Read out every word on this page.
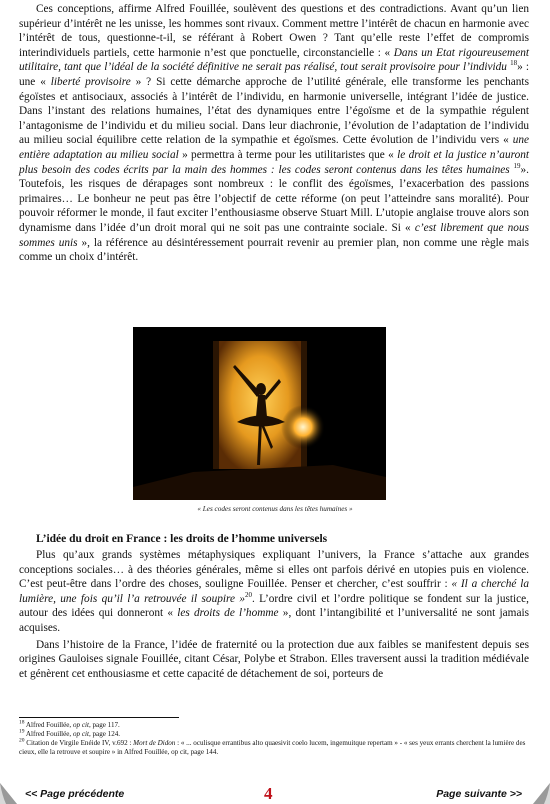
Ces conceptions, affirme Alfred Fouillée, soulèvent des questions et des contradictions. Avant qu’un lien supérieur d’intérêt ne les unisse, les hommes sont rivaux. Comment mettre l’intérêt de chacun en harmonie avec l’intérêt de tous, questionne-t-il, se référant à Robert Owen ? Tant qu’elle reste l’effet de compromis interindividuels partiels, cette harmonie n’est que ponctuelle, circonstancielle : « Dans un Etat rigoureusement utilitaire, tant que l’idéal de la société définitive ne serait pas réalisé, tout serait provisoire pour l’individu $^{18}$» : une « liberté provisoire » ? Si cette démarche approche de l’utilité générale, elle transforme les penchants égoïstes et antisociaux, associés à l’intérêt de l’individu, en harmonie universelle, intégrant l’idée de justice. Dans l’instant des relations humaines, l’état des dynamiques entre l’égoïsme et de la sympathie régulent l’antagonisme de l’individu et du milieu social. Dans leur diachronie, l’évolution de l’adaptation de l’individu au milieu social équilibre cette relation de la sympathie et égoïsmes. Cette évolution de l’individu vers « une entière adaptation au milieu social » permettra à terme pour les utilitaristes que « le droit et la justice n’auront plus besoin des codes écrits par la main des hommes : les codes seront contenus dans les têtes humaines $^{19}$». Toutefois, les risques de dérapages sont nombreux : le conflit des égoïsmes, l’exacerbation des passions primaires… Le bonheur ne peut pas être l’objectif de cette réforme (on peut l’atteindre sans moralité). Pour pouvoir réformer le monde, il faut exciter l’enthousiasme observe Stuart Mill. L’utopie anglaise trouve alors son dynamisme dans l’idée d’un droit moral qui ne soit pas une contrainte sociale. Si « c’est librement que nous sommes unis », la référence au désintéressement pourrait revenir au premier plan, non comme une règle mais comme un choix d’intérêt.
« Les codes seront contenus dans les têtes humaines »
L’idée du droit en France : les droits de l’homme universels

Plus qu’aux grands systèmes métaphysiques expliquant l’univers, la France s’attache aux grandes conceptions sociales… à des théories générales, même si elles ont parfois dérivé en utopies puis en violence. C’est peut-être dans l’ordre des choses, souligne Fouillée. Penser et chercher, c’est souffrir : « Il a cherché la lumière, une fois qu’il l’a retrouvée il soupire »$^{20}$. L’ordre civil et l’ordre politique se fondent sur la justice, autour des idées qui donneront « les droits de l’homme », dont l’intangibilité et l’universalité ne sont jamais acquises.

Dans l’histoire de la France, l’idée de fraternité ou la protection due aux faibles se manifestent depuis ses origines Gauloises signale Fouillée, citant César, Polybe et Strabon. Elles traversent aussi la tradition médiévale et génèrent cet enthousiasme et cette capacité de détachement de soi, porteurs de

$^{18}$ Alfred Fouillée, op cit, page 117.
$^{19}$ Alfred Fouillée, op cit, page 124.
$^{20}$ Citation de Virgile Enéide IV, v.692 : Mort de Didon : « ... oculisque errantibus alto quaesivit coelo lucem, ingemuitque repertam » - « ses yeux errants cherchent la lumière des cieux, elle la retrouve et soupire » in Alfred Fouillée, op cit, page 144.
<< Page précédente	4	Page suivante >>
